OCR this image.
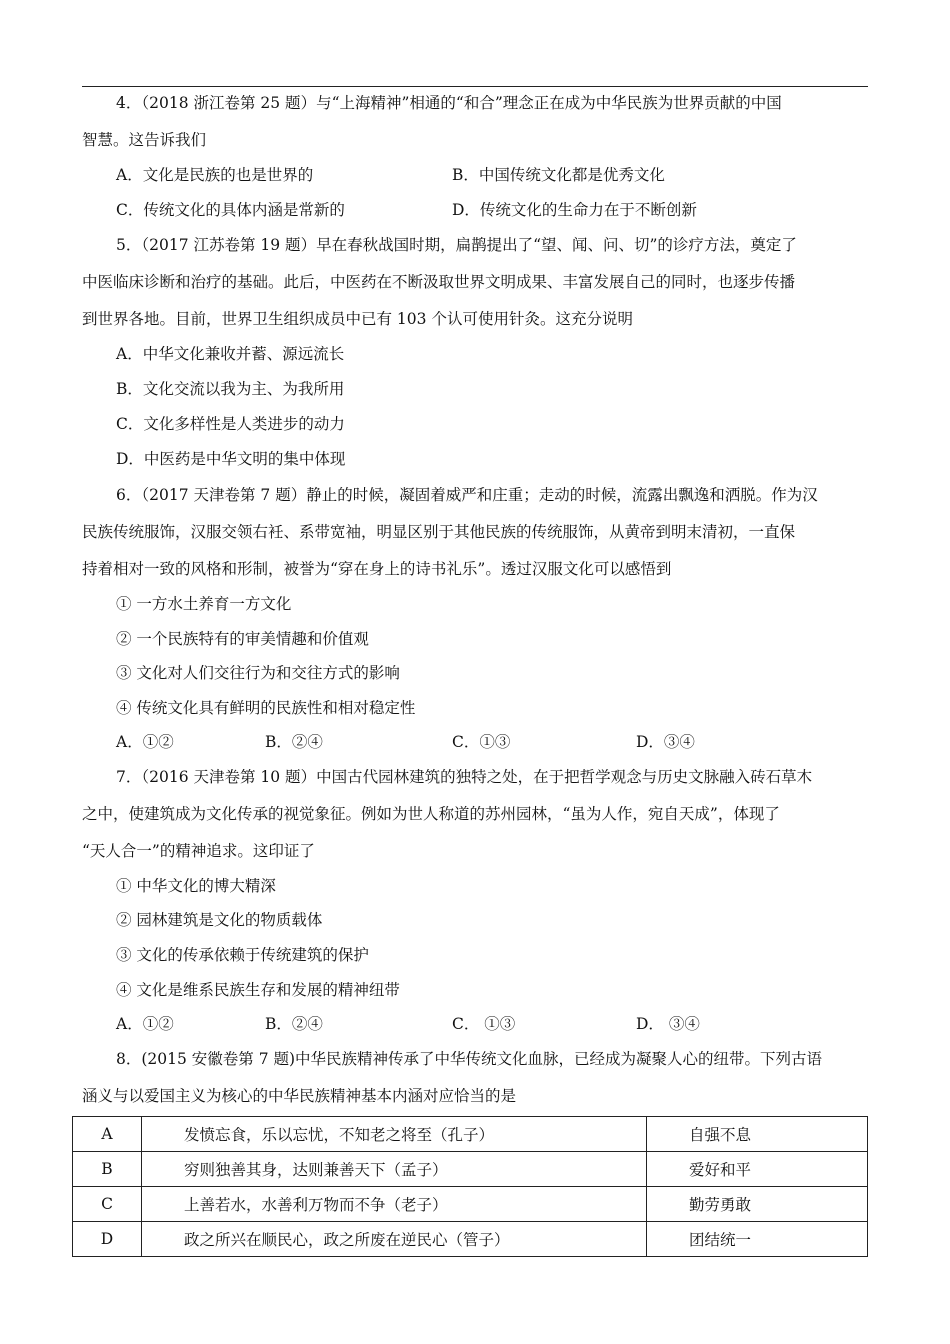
4．（2018 浙江卷第 25 题）与“上海精神”相通的“和合”理念正在成为中华民族为世界贡献的中国
智慧。这告诉我们
A．文化是民族的也是世界的	B．中国传统文化都是优秀文化
C．传统文化的具体内涵是常新的	D．传统文化的生命力在于不断创新
5．（2017 江苏卷第 19 题）早在春秋战国时期，扁鹊提出了“望、闻、问、切”的诊疗方法，奠定了
中医临床诊断和治疗的基础。此后，中医药在不断汲取世界文明成果、丰富发展自己的同时，也逐步传播
到世界各地。目前，世界卫生组织成员中已有 103 个认可使用针灸。这充分说明
A．中华文化兼收并蓄、源远流长
B．文化交流以我为主、为我所用
C．文化多样性是人类进步的动力
D．中医药是中华文明的集中体现
6．（2017 天津卷第 7 题）静止的时候，凝固着威严和庄重；走动的时候，流露出飘逸和洒脱。作为汉
民族传统服饰，汉服交领右衽、系带宽袖，明显区别于其他民族的传统服饰，从黄帝到明末清初，一直保
持着相对一致的风格和形制，被誉为“穿在身上的诗书礼乐”。透过汉服文化可以感悟到
① 一方水土养育一方文化
② 一个民族特有的审美情趣和价值观
③ 文化对人们交往行为和交往方式的影响
④ 传统文化具有鲜明的民族性和相对稳定性
A．①②	B．②④	C．①③	D．③④
7．（2016 天津卷第 10 题）中国古代园林建筑的独特之处，在于把哲学观念与历史文脉融入砖石草木
之中，使建筑成为文化传承的视觉象征。例如为世人称道的苏州园林，“虽为人作，宛自天成”，体现了
“天人合一”的精神追求。这印证了
① 中华文化的博大精深
② 园林建筑是文化的物质载体
③ 文化的传承依赖于传统建筑的保护
④ 文化是维系民族生存和发展的精神纽带
A．①②	B．②④	C． ①③	D． ③④
8．(2015 安徽卷第 7 题)中华民族精神传承了中华传统文化血脉，已经成为凝聚人心的纽带。下列古语
涵义与以爱国主义为核心的中华民族精神基本内涵对应恰当的是
A	发愤忘食，乐以忘忧，不知老之将至（孔子）	自强不息
B	穷则独善其身，达则兼善天下（孟子）	爱好和平
C	上善若水，水善利万物而不争（老子）	勤劳勇敢
D	政之所兴在顺民心，政之所废在逆民心（管子）	团结统一
